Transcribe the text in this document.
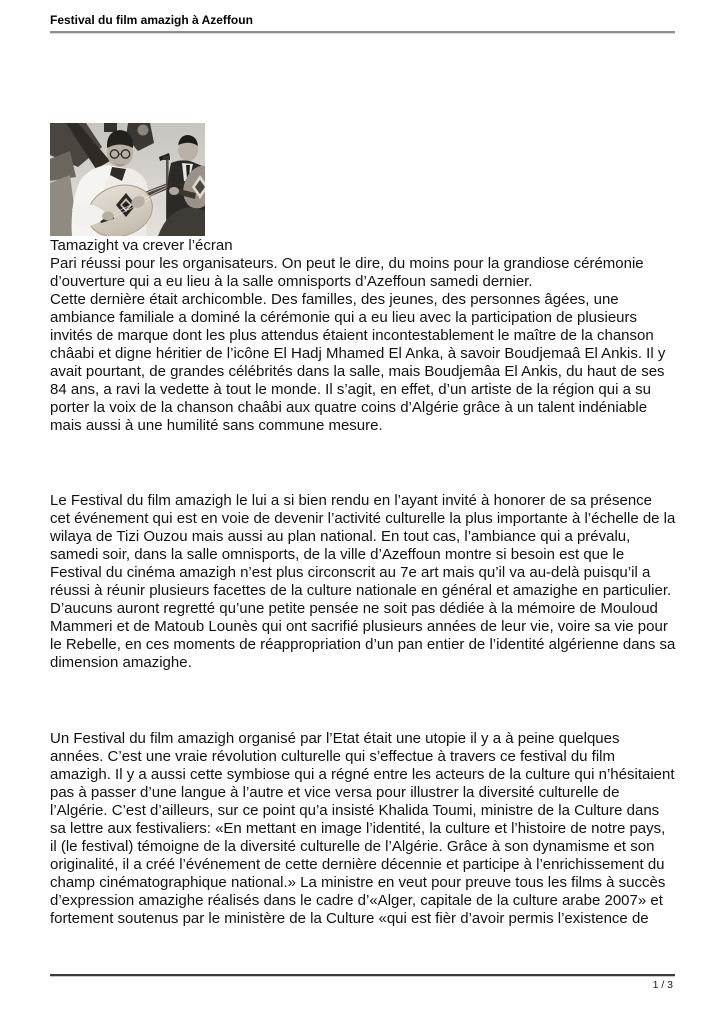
Festival du film amazigh à Azeffoun

Tamazight va crever l’écran

Pari réussi pour les organisateurs. On peut le dire, du moins pour la grandiose cérémonie d’ouverture qui a eu lieu à la salle omnisports d’Azeffoun samedi dernier.

Cette dernière était archicomble. Des familles, des jeunes, des personnes âgées, une ambiance familiale a dominé la cérémonie qui a eu lieu avec la participation de plusieurs invités de marque dont les plus attendus étaient incontestablement le maître de la chanson châabi et digne héritier de l’icône El Hadj Mhamed El Anka, à savoir Boudjemaâ El Ankis. Il y avait pourtant, de grandes célébrités dans la salle, mais Boudjemâa El Ankis, du haut de ses 84 ans, a ravi la vedette à tout le monde. Il s’agit, en effet, d’un artiste de la région qui a su porter la voix de la chanson chaâbi aux quatre coins d’Algérie grâce à un talent indéniable mais aussi à une humilité sans commune mesure.

Le Festival du film amazigh le lui a si bien rendu en l’ayant invité à honorer de sa présence cet événement qui est en voie de devenir l’activité culturelle la plus importante à l’échelle de la wilaya de Tizi Ouzou mais aussi au plan national. En tout cas, l’ambiance qui a prévalu, samedi soir, dans la salle omnisports, de la ville d’Azeffoun montre si besoin est que le Festival du cinéma amazigh n’est plus circonscrit au 7e art mais qu’il va au-delà puisqu’il a réussi à réunir plusieurs facettes de la culture nationale en général et amazighe en particulier. D’aucuns auront regretté qu’une petite pensée ne soit pas dédiée à la mémoire de Mouloud Mammeri et de Matoub Lounès qui ont sacrifié plusieurs années de leur vie, voire sa vie pour le Rebelle, en ces moments de réappropriation d’un pan entier de l’identité algérienne dans sa dimension amazighe.

Un Festival du film amazigh organisé par l’Etat était une utopie il y a à peine quelques années. C’est une vraie révolution culturelle qui s’effectue à travers ce festival du film amazigh. Il y a aussi cette symbiose qui a régné entre les acteurs de la culture qui n’hésitaient pas à passer d’une langue à l’autre et vice versa pour illustrer la diversité culturelle de l’Algérie. C’est d’ailleurs, sur ce point qu’a insisté Khalida Toumi, ministre de la Culture dans sa lettre aux festivaliers: «En mettant en image l’identité, la culture et l’histoire de notre pays, il (le festival) témoigne de la diversité culturelle de l’Algérie. Grâce à son dynamisme et son originalité, il a créé l’événement de cette dernière décennie et participe à l’enrichissement du champ cinématographique national.» La ministre en veut pour preuve tous les films à succès d’expression amazighe réalisés dans le cadre d’«Alger, capitale de la culture arabe 2007» et fortement soutenus par le ministère de la Culture «qui est fièr d’avoir permis l’existence de

1 / 3
